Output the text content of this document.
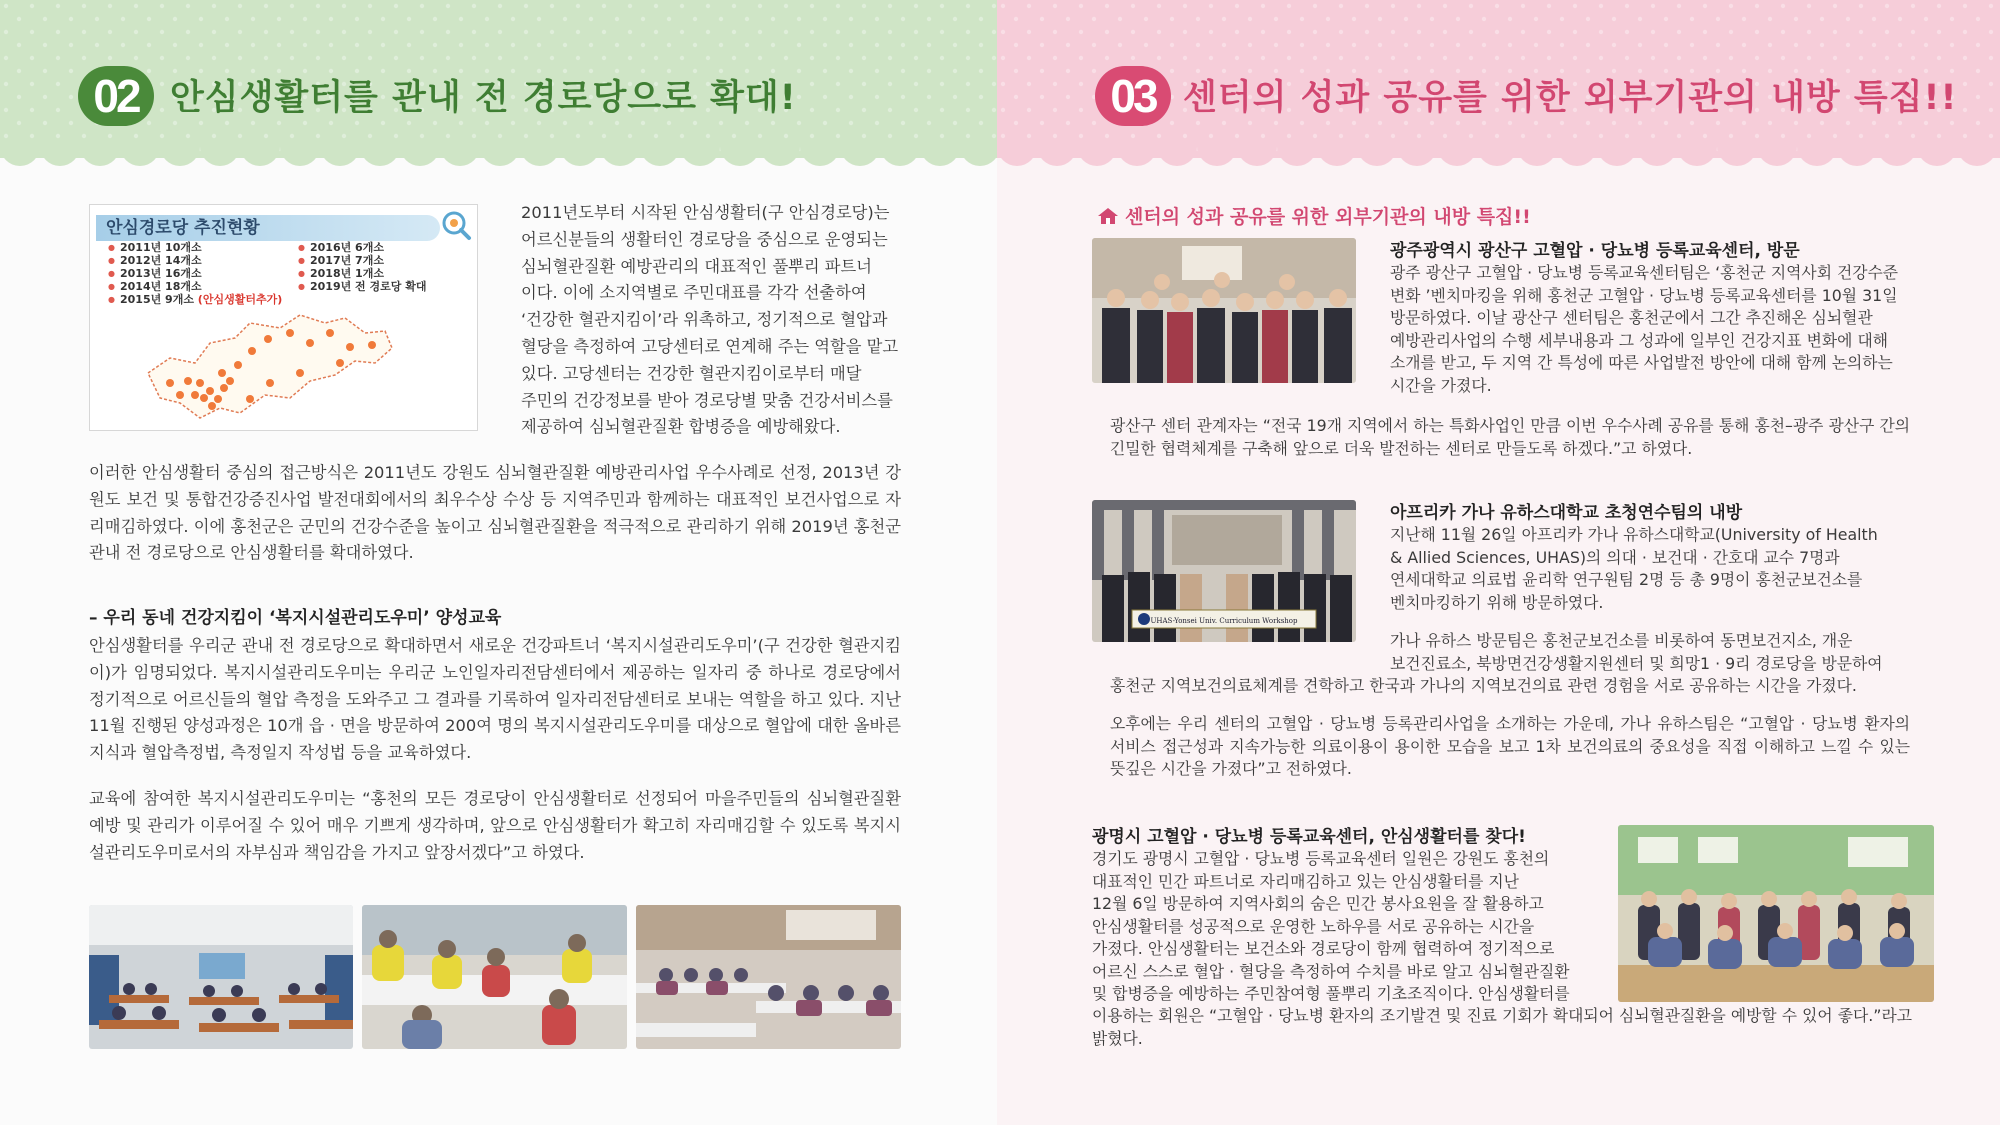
02 안심생활터를 관내 전 경로당으로 확대!
안심경로당 추진현황
● 2011년 10개소
● 2012년 14개소
● 2013년 16개소
● 2014년 18개소
● 2015년 9개소 (안심생활터추가)
● 2016년 6개소
● 2017년 7개소
● 2018년 1개소
● 2019년 전 경로당 확대
2011년도부터 시작된 안심생활터(구 안심경로당)는
어르신분들의 생활터인 경로당을 중심으로 운영되는
심뇌혈관질환 예방관리의 대표적인 풀뿌리 파트너
이다. 이에 소지역별로 주민대표를 각각 선출하여
‘건강한 혈관지킴이’라 위촉하고, 정기적으로 혈압과
혈당을 측정하여 고당센터로 연계해 주는 역할을 맡고
있다. 고당센터는 건강한 혈관지킴이로부터 매달
주민의 건강정보를 받아 경로당별 맞춤 건강서비스를
제공하여 심뇌혈관질환 합병증을 예방해왔다.

이러한 안심생활터 중심의 접근방식은 2011년도 강원도 심뇌혈관질환 예방관리사업 우수사례로 선정, 2013년 강원도 보건 및 통합건강증진사업 발전대회에서의 최우수상 수상 등 지역주민과 함께하는 대표적인 보건사업으로 자리매김하였다. 이에 홍천군은 군민의 건강수준을 높이고 심뇌혈관질환을 적극적으로 관리하기 위해 2019년 홍천군 관내 전 경로당으로 안심생활터를 확대하였다.

– 우리 동네 건강지킴이 ‘복지시설관리도우미’ 양성교육

안심생활터를 우리군 관내 전 경로당으로 확대하면서 새로운 건강파트너 ‘복지시설관리도우미’(구 건강한 혈관지킴이)가 임명되었다. 복지시설관리도우미는 우리군 노인일자리전담센터에서 제공하는 일자리 중 하나로 경로당에서 정기적으로 어르신들의 혈압 측정을 도와주고 그 결과를 기록하여 일자리전담센터로 보내는 역할을 하고 있다. 지난 11월 진행된 양성과정은 10개 읍 · 면을 방문하여 200여 명의 복지시설관리도우미를 대상으로 혈압에 대한 올바른 지식과 혈압측정법, 측정일지 작성법 등을 교육하였다.

교육에 참여한 복지시설관리도우미는 “홍천의 모든 경로당이 안심생활터로 선정되어 마을주민들의 심뇌혈관질환 예방 및 관리가 이루어질 수 있어 매우 기쁘게 생각하며, 앞으로 안심생활터가 확고히 자리매김할 수 있도록 복지시설관리도우미로서의 자부심과 책임감을 가지고 앞장서겠다”고 하였다.

03 센터의 성과 공유를 위한 외부기관의 내방 특집!!
센터의 성과 공유를 위한 외부기관의 내방 특집!!
광주광역시 광산구 고혈압 · 당뇨병 등록교육센터, 방문
광주 광산구 고혈압 · 당뇨병 등록교육센터팀은 ‘홍천군 지역사회 건강수준
변화 ’벤치마킹을 위해 홍천군 고혈압 · 당뇨병 등록교육센터를 10월 31일
방문하였다. 이날 광산구 센터팀은 홍천군에서 그간 추진해온 심뇌혈관
예방관리사업의 수행 세부내용과 그 성과에 일부인 건강지표 변화에 대해
소개를 받고, 두 지역 간 특성에 따른 사업발전 방안에 대해 함께 논의하는
시간을 가졌다.

광산구 센터 관계자는 “전국 19개 지역에서 하는 특화사업인 만큼 이번 우수사례 공유를 통해 홍천–광주 광산구 간의 긴밀한 협력체계를 구축해 앞으로 더욱 발전하는 센터로 만들도록 하겠다.”고 하였다.

UHAS-Yonsei Univ. Curriculum Workshop
아프리카 가나 유하스대학교 초청연수팀의 내방
지난해 11월 26일 아프리카 가나 유하스대학교(University of Health
& Allied Sciences, UHAS)의 의대 · 보건대 · 간호대 교수 7명과
연세대학교 의료법 윤리학 연구원팀 2명 등 총 9명이 홍천군보건소를
벤치마킹하기 위해 방문하였다.
가나 유하스 방문팀은 홍천군보건소를 비롯하여 동면보건지소, 개운
보건진료소, 북방면건강생활지원센터 및 희망1 · 9리 경로당을 방문하여

홍천군 지역보건의료체계를 견학하고 한국과 가나의 지역보건의료 관련 경험을 서로 공유하는 시간을 가졌다.

오후에는 우리 센터의 고혈압 · 당뇨병 등록관리사업을 소개하는 가운데, 가나 유하스팀은 “고혈압 · 당뇨병 환자의 서비스 접근성과 지속가능한 의료이용이 용이한 모습을 보고 1차 보건의료의 중요성을 직접 이해하고 느낄 수 있는 뜻깊은 시간을 가졌다”고 전하였다.

광명시 고혈압 · 당뇨병 등록교육센터, 안심생활터를 찾다!
경기도 광명시 고혈압 · 당뇨병 등록교육센터 일원은 강원도 홍천의
대표적인 민간 파트너로 자리매김하고 있는 안심생활터를 지난
12월 6일 방문하여 지역사회의 숨은 민간 봉사요원을 잘 활용하고
안심생활터를 성공적으로 운영한 노하우를 서로 공유하는 시간을
가졌다. 안심생활터는 보건소와 경로당이 함께 협력하여 정기적으로
어르신 스스로 혈압 · 혈당을 측정하여 수치를 바로 알고 심뇌혈관질환
및 합병증을 예방하는 주민참여형 풀뿌리 기초조직이다. 안심생활터를

이용하는 회원은 “고혈압 · 당뇨병 환자의 조기발견 및 진료 기회가 확대되어 심뇌혈관질환을 예방할 수 있어 좋다.”라고 밝혔다.
